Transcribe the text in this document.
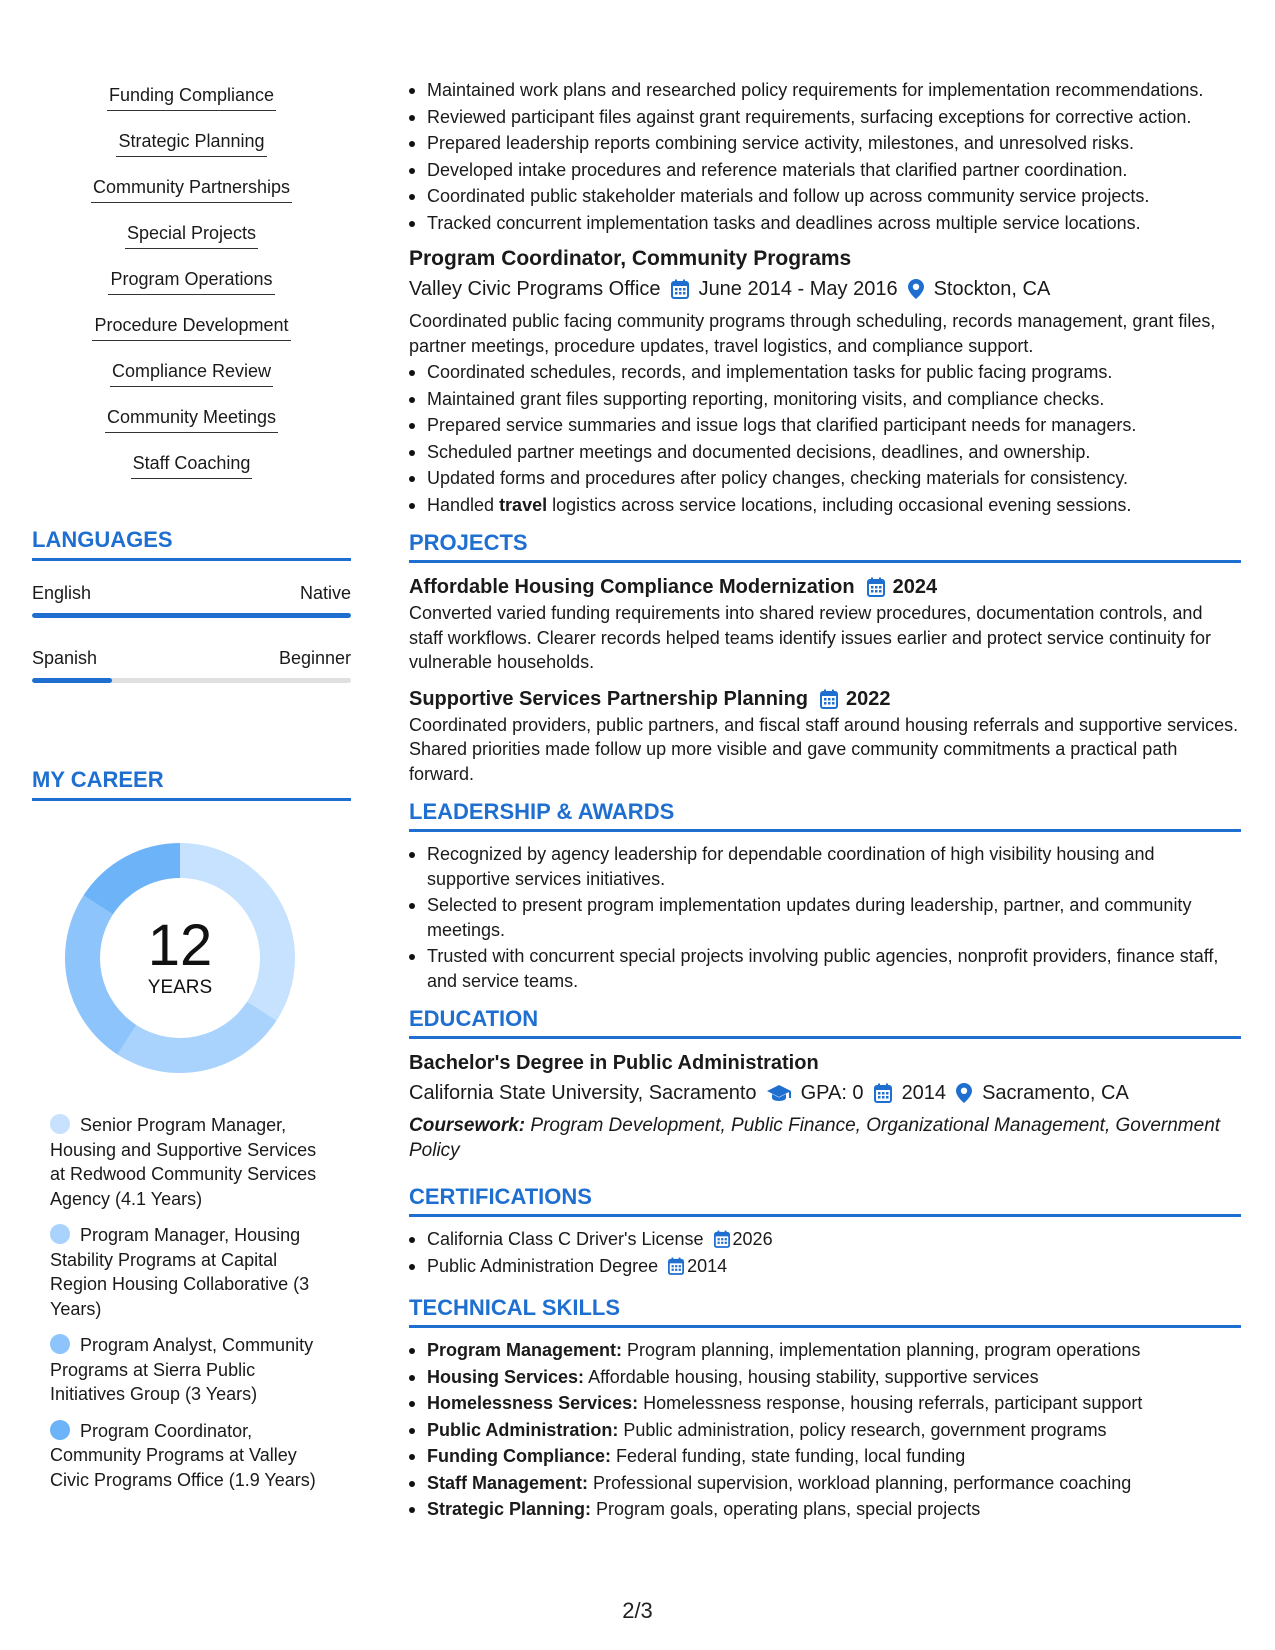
Funding Compliance
Strategic Planning
Community Partnerships
Special Projects
Program Operations
Procedure Development
Compliance Review
Community Meetings
Staff Coaching
LANGUAGES
English	Native
Spanish	Beginner
MY CAREER
12
YEARS
Senior Program Manager, Housing and Supportive Services at Redwood Community Services Agency (4.1 Years)
Program Manager, Housing Stability Programs at Capital Region Housing Collaborative (3 Years)
Program Analyst, Community Programs at Sierra Public Initiatives Group (3 Years)
Program Coordinator, Community Programs at Valley Civic Programs Office (1.9 Years)
Maintained work plans and researched policy requirements for implementation recommendations.
Reviewed participant files against grant requirements, surfacing exceptions for corrective action.
Prepared leadership reports combining service activity, milestones, and unresolved risks.
Developed intake procedures and reference materials that clarified partner coordination.
Coordinated public stakeholder materials and follow up across community service projects.
Tracked concurrent implementation tasks and deadlines across multiple service locations.
Program Coordinator, Community Programs
Valley Civic Programs Office June 2014 - May 2016 Stockton, CA
Coordinated public facing community programs through scheduling, records management, grant files, partner meetings, procedure updates, travel logistics, and compliance support.
Coordinated schedules, records, and implementation tasks for public facing programs.
Maintained grant files supporting reporting, monitoring visits, and compliance checks.
Prepared service summaries and issue logs that clarified participant needs for managers.
Scheduled partner meetings and documented decisions, deadlines, and ownership.
Updated forms and procedures after policy changes, checking materials for consistency.
Handled travel logistics across service locations, including occasional evening sessions.
PROJECTS
Affordable Housing Compliance Modernization 2024
Converted varied funding requirements into shared review procedures, documentation controls, and staff workflows. Clearer records helped teams identify issues earlier and protect service continuity for vulnerable households.
Supportive Services Partnership Planning 2022
Coordinated providers, public partners, and fiscal staff around housing referrals and supportive services. Shared priorities made follow up more visible and gave community commitments a practical path forward.
LEADERSHIP & AWARDS
Recognized by agency leadership for dependable coordination of high visibility housing and supportive services initiatives.
Selected to present program implementation updates during leadership, partner, and community meetings.
Trusted with concurrent special projects involving public agencies, nonprofit providers, finance staff, and service teams.
EDUCATION
Bachelor's Degree in Public Administration
California State University, Sacramento GPA: 0 2014 Sacramento, CA
Coursework: Program Development, Public Finance, Organizational Management, Government Policy
CERTIFICATIONS
California Class C Driver's License 2026
Public Administration Degree 2014
TECHNICAL SKILLS
Program Management: Program planning, implementation planning, program operations
Housing Services: Affordable housing, housing stability, supportive services
Homelessness Services: Homelessness response, housing referrals, participant support
Public Administration: Public administration, policy research, government programs
Funding Compliance: Federal funding, state funding, local funding
Staff Management: Professional supervision, workload planning, performance coaching
Strategic Planning: Program goals, operating plans, special projects
2/3
